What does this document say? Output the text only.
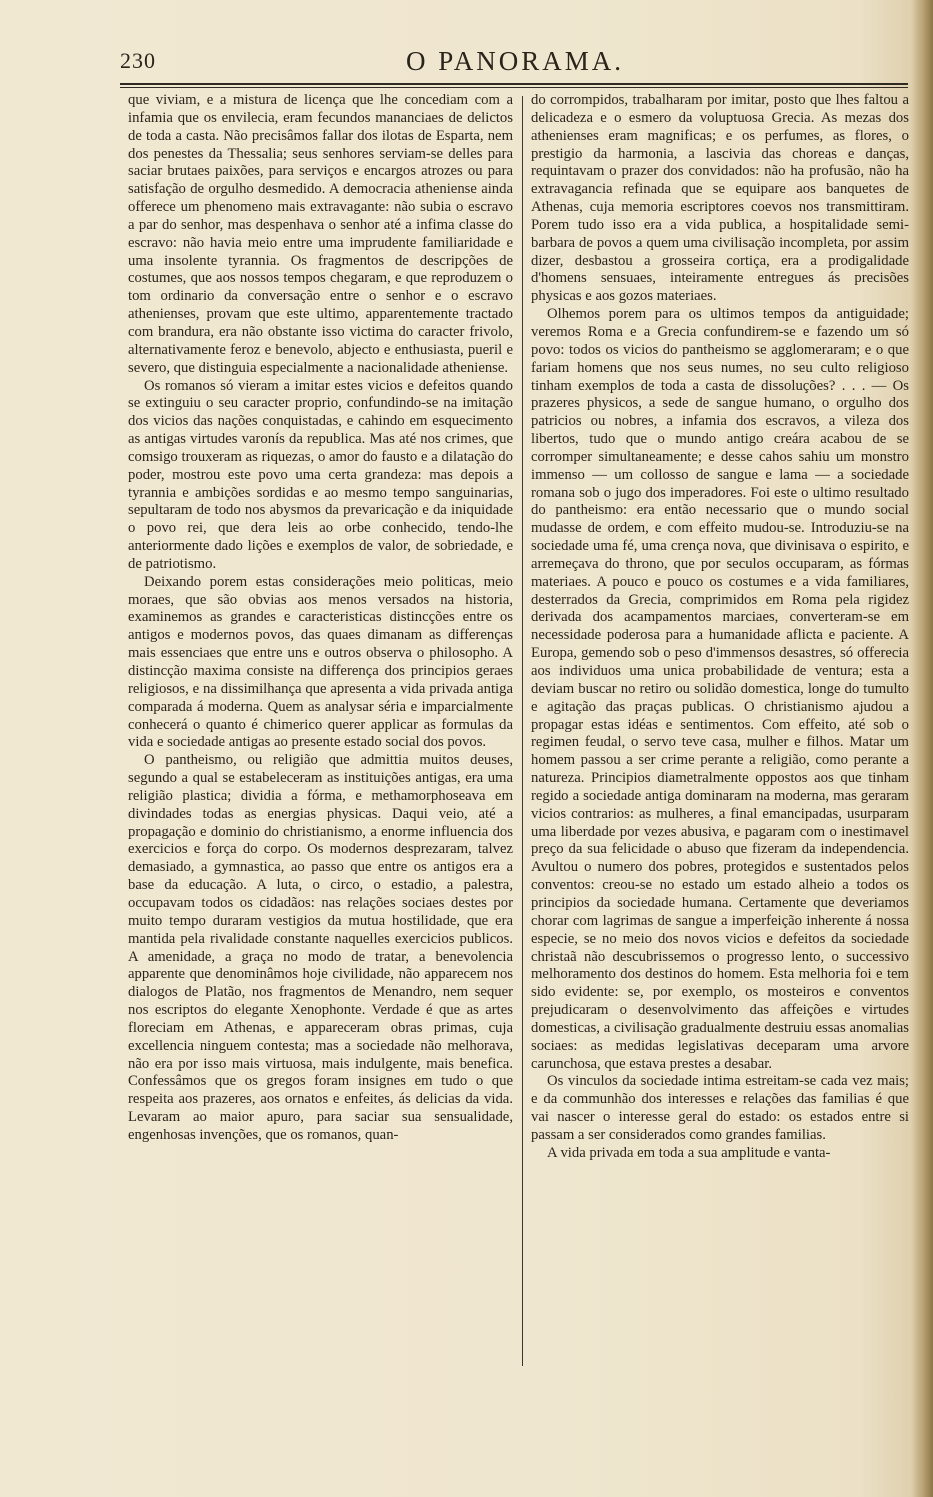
230	O PANORAMA.

que viviam, e a mistura de licença que lhe concediam com a infamia que os envilecia, eram fecundos mananciaes de delictos de toda a casta. Não precisâmos fallar dos ilotas de Esparta, nem dos penestes da Thessalia; seus senhores serviam-se delles para saciar brutaes paixões, para serviços e encargos atrozes ou para satisfação de orgulho desmedido. A democracia atheniense ainda offerece um phenomeno mais extravagante: não subia o escravo a par do senhor, mas despenhava o senhor até a infima classe do escravo: não havia meio entre uma imprudente familiaridade e uma insolente tyrannia. Os fragmentos de descripções de costumes, que aos nossos tempos chegaram, e que reproduzem o tom ordinario da conversação entre o senhor e o escravo athenienses, provam que este ultimo, apparentemente tractado com brandura, era não obstante isso victima do caracter frivolo, alternativamente feroz e benevolo, abjecto e enthusiasta, pueril e severo, que distinguia especialmente a nacionalidade atheniense.

Os romanos só vieram a imitar estes vicios e defeitos quando se extinguiu o seu caracter proprio, confundindo-se na imitação dos vicios das nações conquistadas, e cahindo em esquecimento as antigas virtudes varonís da republica. Mas até nos crimes, que comsigo trouxeram as riquezas, o amor do fausto e a dilatação do poder, mostrou este povo uma certa grandeza: mas depois a tyrannia e ambições sordidas e ao mesmo tempo sanguinarias, sepultaram de todo nos abysmos da prevaricação e da iniquidade o povo rei, que dera leis ao orbe conhecido, tendo-lhe anteriormente dado lições e exemplos de valor, de sobriedade, e de patriotismo.

Deixando porem estas considerações meio politicas, meio moraes, que são obvias aos menos versados na historia, examinemos as grandes e caracteristicas distincções entre os antigos e modernos povos, das quaes dimanam as differenças mais essenciaes que entre uns e outros observa o philosopho. A distincção maxima consiste na differença dos principios geraes religiosos, e na dissimilhança que apresenta a vida privada antiga comparada á moderna. Quem as analysar séria e imparcialmente conhecerá o quanto é chimerico querer applicar as formulas da vida e sociedade antigas ao presente estado social dos povos.

O pantheismo, ou religião que admittia muitos deuses, segundo a qual se estabeleceram as instituições antigas, era uma religião plastica; dividia a fórma, e methamorphoseava em divindades todas as energias physicas. Daqui veio, até a propagação e dominio do christianismo, a enorme influencia dos exercicios e força do corpo. Os modernos desprezaram, talvez demasiado, a gymnastica, ao passo que entre os antigos era a base da educação. A luta, o circo, o estadio, a palestra, occupavam todos os cidadãos: nas relações sociaes destes por muito tempo duraram vestigios da mutua hostilidade, que era mantida pela rivalidade constante naquelles exercicios publicos. A amenidade, a graça no modo de tratar, a benevolencia apparente que denominâmos hoje civilidade, não apparecem nos dialogos de Platão, nos fragmentos de Menandro, nem sequer nos escriptos do elegante Xenophonte. Verdade é que as artes floreciam em Athenas, e appareceram obras primas, cuja excellencia ninguem contesta; mas a sociedade não melhorava, não era por isso mais virtuosa, mais indulgente, mais benefica. Confessâmos que os gregos foram insignes em tudo o que respeita aos prazeres, aos ornatos e enfeites, ás delicias da vida. Levaram ao maior apuro, para saciar sua sensualidade, engenhosas invenções, que os romanos, quan-

do corrompidos, trabalharam por imitar, posto que lhes faltou a delicadeza e o esmero da voluptuosa Grecia. As mezas dos athenienses eram magnificas; e os perfumes, as flores, o prestigio da harmonia, a lascivia das choreas e danças, requintavam o prazer dos convidados: não ha profusão, não ha extravagancia refinada que se equipare aos banquetes de Athenas, cuja memoria escriptores coevos nos transmittiram. Porem tudo isso era a vida publica, a hospitalidade semi-barbara de povos a quem uma civilisação incompleta, por assim dizer, desbastou a grosseira cortiça, era a prodigalidade d'homens sensuaes, inteiramente entregues ás precisões physicas e aos gozos materiaes.

Olhemos porem para os ultimos tempos da antiguidade; veremos Roma e a Grecia confundirem-se e fazendo um só povo: todos os vicios do pantheismo se agglomeraram; e o que fariam homens que nos seus numes, no seu culto religioso tinham exemplos de toda a casta de dissoluções? . . . — Os prazeres physicos, a sede de sangue humano, o orgulho dos patricios ou nobres, a infamia dos escravos, a vileza dos libertos, tudo que o mundo antigo creára acabou de se corromper simultaneamente; e desse cahos sahiu um monstro immenso — um collosso de sangue e lama — a sociedade romana sob o jugo dos imperadores. Foi este o ultimo resultado do pantheismo: era então necessario que o mundo social mudasse de ordem, e com effeito mudou-se. Introduziu-se na sociedade uma fé, uma crença nova, que divinisava o espirito, e arremeçava do throno, que por seculos occuparam, as fórmas materiaes. A pouco e pouco os costumes e a vida familiares, desterrados da Grecia, comprimidos em Roma pela rigidez derivada dos acampamentos marciaes, converteram-se em necessidade poderosa para a humanidade aflicta e paciente. A Europa, gemendo sob o peso d'immensos desastres, só offerecia aos individuos uma unica probabilidade de ventura; esta a deviam buscar no retiro ou solidão domestica, longe do tumulto e agitação das praças publicas. O christianismo ajudou a propagar estas idéas e sentimentos. Com effeito, até sob o regimen feudal, o servo teve casa, mulher e filhos. Matar um homem passou a ser crime perante a religião, como perante a natureza. Principios diametralmente oppostos aos que tinham regido a sociedade antiga dominaram na moderna, mas geraram vicios contrarios: as mulheres, a final emancipadas, usurparam uma liberdade por vezes abusiva, e pagaram com o inestimavel preço da sua felicidade o abuso que fizeram da independencia. Avultou o numero dos pobres, protegidos e sustentados pelos conventos: creou-se no estado um estado alheio a todos os principios da sociedade humana. Certamente que deveriamos chorar com lagrimas de sangue a imperfeição inherente á nossa especie, se no meio dos novos vicios e defeitos da sociedade christaã não descubrissemos o progresso lento, o successivo melhoramento dos destinos do homem. Esta melhoria foi e tem sido evidente: se, por exemplo, os mosteiros e conventos prejudicaram o desenvolvimento das affeições e virtudes domesticas, a civilisação gradualmente destruiu essas anomalias sociaes: as medidas legislativas deceparam uma arvore carunchosa, que estava prestes a desabar.

Os vinculos da sociedade intima estreitam-se cada vez mais; e da communhão dos interesses e relações das familias é que vai nascer o interesse geral do estado: os estados entre si passam a ser considerados como grandes familias.

A vida privada em toda a sua amplitude e vanta-
